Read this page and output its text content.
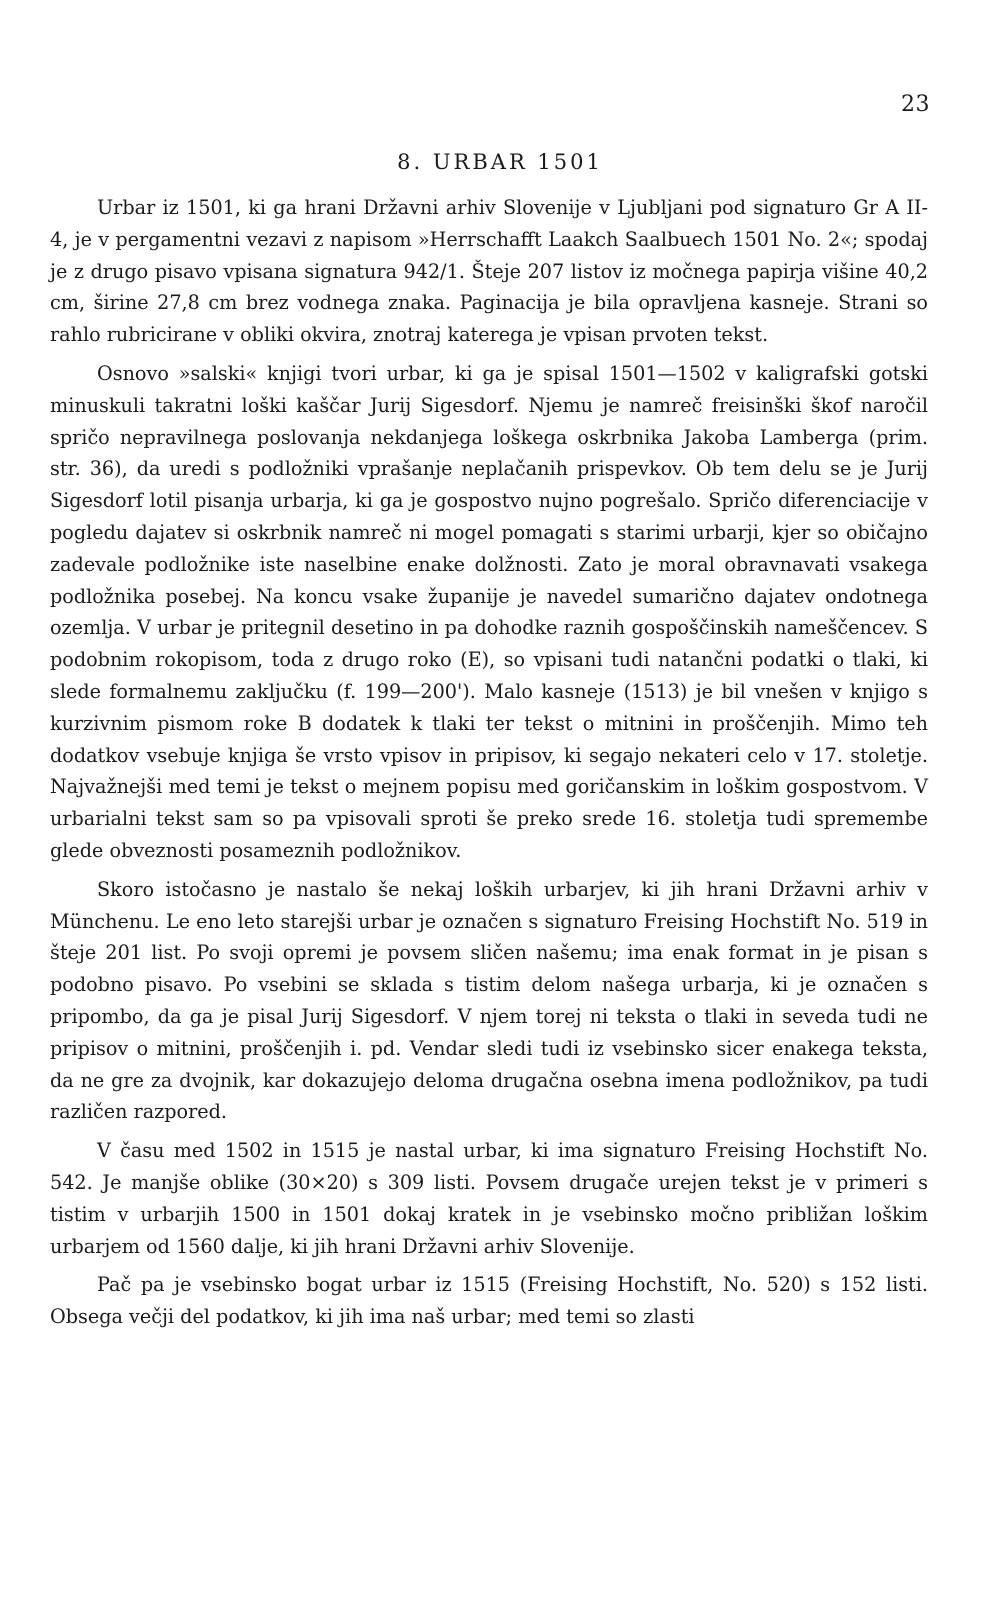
23
8. URBAR 1501

Urbar iz 1501, ki ga hrani Državni arhiv Slovenije v Ljubljani pod signaturo Gr A II-4, je v pergamentni vezavi z napisom »Herrschafft Laakch Saalbuech 1501 No. 2«; spodaj je z drugo pisavo vpisana signatura 942/1. Šteje 207 listov iz močnega papirja višine 40,2 cm, širine 27,8 cm brez vodnega znaka. Paginacija je bila opravljena kasneje. Strani so rahlo rubricirane v obliki okvira, znotraj katerega je vpisan prvoten tekst.

Osnovo »salski« knjigi tvori urbar, ki ga je spisal 1501—1502 v kaligrafski gotski minuskuli takratni loški kaščar Jurij Sigesdorf. Njemu je namreč freisinški škof naročil spričo nepravilnega poslovanja nekdanjega loškega oskrbnika Jakoba Lamberga (prim. str. 36), da uredi s podložniki vprašanje neplačanih prispevkov. Ob tem delu se je Jurij Sigesdorf lotil pisanja urbarja, ki ga je gospostvo nujno pogrešalo. Spričo diferenciacije v pogledu dajatev si oskrbnik namreč ni mogel pomagati s starimi urbarji, kjer so običajno zadevale podložnike iste naselbine enake dolžnosti. Zato je moral obravnavati vsakega podložnika posebej. Na koncu vsake županije je navedel sumarično dajatev ondotnega ozemlja. V urbar je pritegnil desetino in pa dohodke raznih gospoščinskih nameščencev. S podobnim rokopisom, toda z drugo roko (E), so vpisani tudi natančni podatki o tlaki, ki slede formalnemu zaključku (f. 199—200'). Malo kasneje (1513) je bil vnešen v knjigo s kurzivnim pismom roke B dodatek k tlaki ter tekst o mitnini in proščenjih. Mimo teh dodatkov vsebuje knjiga še vrsto vpisov in pripisov, ki segajo nekateri celo v 17. stoletje. Najvažnejši med temi je tekst o mejnem popisu med goričanskim in loškim gospostvom. V urbarialni tekst sam so pa vpisovali sproti še preko srede 16. stoletja tudi spremembe glede obveznosti posameznih podložnikov.

Skoro istočasno je nastalo še nekaj loških urbarjev, ki jih hrani Državni arhiv v Münchenu. Le eno leto starejši urbar je označen s signaturo Freising Hochstift No. 519 in šteje 201 list. Po svoji opremi je povsem sličen našemu; ima enak format in je pisan s podobno pisavo. Po vsebini se sklada s tistim delom našega urbarja, ki je označen s pripombo, da ga je pisal Jurij Sigesdorf. V njem torej ni teksta o tlaki in seveda tudi ne pripisov o mitnini, proščenjih i. pd. Vendar sledi tudi iz vsebinsko sicer enakega teksta, da ne gre za dvojnik, kar dokazujejo deloma drugačna osebna imena podložnikov, pa tudi različen razpored.

V času med 1502 in 1515 je nastal urbar, ki ima signaturo Freising Hochstift No. 542. Je manjše oblike (30×20) s 309 listi. Povsem drugače urejen tekst je v primeri s tistim v urbarjih 1500 in 1501 dokaj kratek in je vsebinsko močno približan loškim urbarjem od 1560 dalje, ki jih hrani Državni arhiv Slovenije.

Pač pa je vsebinsko bogat urbar iz 1515 (Freising Hochstift, No. 520) s 152 listi. Obsega večji del podatkov, ki jih ima naš urbar; med temi so zlasti
